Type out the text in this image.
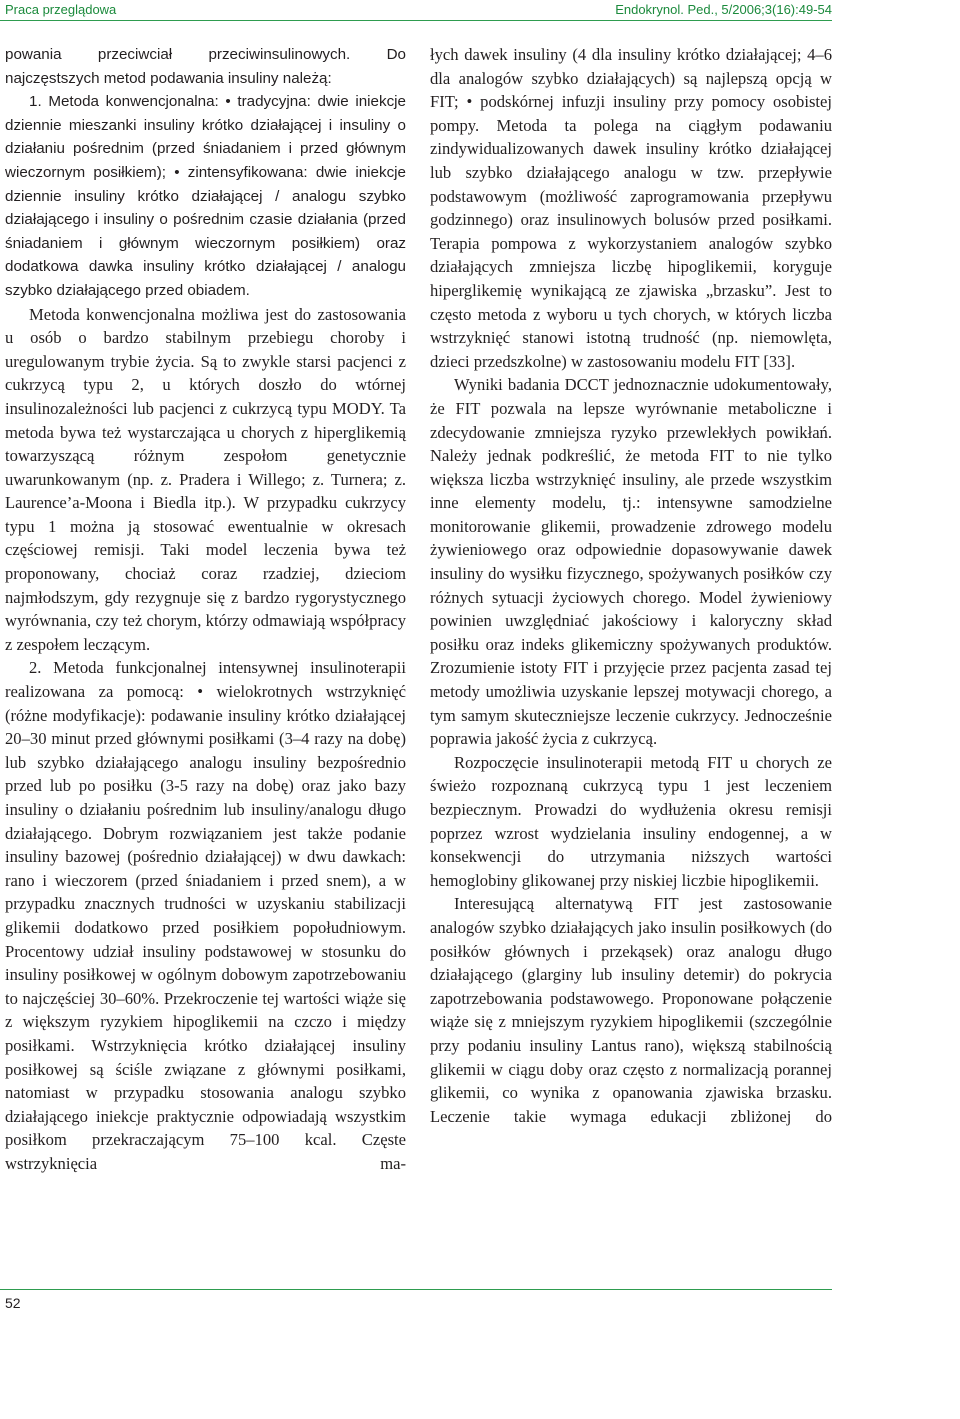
Praca przeglądowa	Endokrynol. Ped., 5/2006;3(16):49-54

powania przeciwciał przeciwinsulinowych. Do najczęstszych metod podawania insuliny należą:

1. Metoda konwencjonalna: • tradycyjna: dwie iniekcje dziennie mieszanki insuliny krótko działającej i insuliny o działaniu pośrednim (przed śniadaniem i przed głównym wieczornym posiłkiem); • zintensyfikowana: dwie iniekcje dziennie insuliny krótko działającej / analogu szybko działającego i insuliny o pośrednim czasie działania (przed śniadaniem i głównym wieczornym posiłkiem) oraz dodatkowa dawka insuliny krótko działającej / analogu szybko działającego przed obiadem.

Metoda konwencjonalna możliwa jest do zastosowania u osób o bardzo stabilnym przebiegu choroby i uregulowanym trybie życia. Są to zwykle starsi pacjenci z cukrzycą typu 2, u których doszło do wtórnej insulinozależności lub pacjenci z cukrzycą typu MODY. Ta metoda bywa też wystarczająca u chorych z hiperglikemią towarzyszącą różnym zespołom genetycznie uwarunkowanym (np. z. Pradera i Willego; z. Turnera; z. Laurence’a-Moona i Biedla itp.). W przypadku cukrzycy typu 1 można ją stosować ewentualnie w okresach częściowej remisji. Taki model leczenia bywa też proponowany, chociaż coraz rzadziej, dzieciom najmłodszym, gdy rezygnuje się z bardzo rygorystycznego wyrównania, czy też chorym, którzy odmawiają współpracy z zespołem leczącym.

2. Metoda funkcjonalnej intensywnej insulinoterapii realizowana za pomocą: • wielokrotnych wstrzyknięć (różne modyfikacje): podawanie insuliny krótko działającej 20–30 minut przed głównymi posiłkami (3–4 razy na dobę) lub szybko działającego analogu insuliny bezpośrednio przed lub po posiłku (3-5 razy na dobę) oraz jako bazy insuliny o działaniu pośrednim lub insuliny/analogu długo działającego. Dobrym rozwiązaniem jest także podanie insuliny bazowej (pośrednio działającej) w dwu dawkach: rano i wieczorem (przed śniadaniem i przed snem), a w przypadku znacznych trudności w uzyskaniu stabilizacji glikemii dodatkowo przed posiłkiem popołudniowym. Procentowy udział insuliny podstawowej w stosunku do insuliny posiłkowej w ogólnym dobowym zapotrzebowaniu to najczęściej 30–60%. Przekroczenie tej wartości wiąże się z większym ryzykiem hipoglikemii na czczo i między posiłkami. Wstrzyknięcia krótko działającej insuliny posiłkowej są ściśle związane z głównymi posiłkami, natomiast w przypadku stosowania analogu szybko działającego iniekcje praktycznie odpowiadają wszystkim posiłkom przekraczającym 75–100 kcal. Częste wstrzyknięcia ma-

łych dawek insuliny (4 dla insuliny krótko działającej; 4–6 dla analogów szybko działających) są najlepszą opcją w FIT; • podskórnej infuzji insuliny przy pomocy osobistej pompy. Metoda ta polega na ciągłym podawaniu zindywidualizowanych dawek insuliny krótko działającej lub szybko działającego analogu w tzw. przepływie podstawowym (możliwość zaprogramowania przepływu godzinnego) oraz insulinowych bolusów przed posiłkami. Terapia pompowa z wykorzystaniem analogów szybko działających zmniejsza liczbę hipoglikemii, koryguje hiperglikemię wynikającą ze zjawiska „brzasku”. Jest to często metoda z wyboru u tych chorych, w których liczba wstrzyknięć stanowi istotną trudność (np. niemowlęta, dzieci przedszkolne) w zastosowaniu modelu FIT [33].

Wyniki badania DCCT jednoznacznie udokumentowały, że FIT pozwala na lepsze wyrównanie metaboliczne i zdecydowanie zmniejsza ryzyko przewlekłych powikłań. Należy jednak podkreślić, że metoda FIT to nie tylko większa liczba wstrzyknięć insuliny, ale przede wszystkim inne elementy modelu, tj.: intensywne samodzielne monitorowanie glikemii, prowadzenie zdrowego modelu żywieniowego oraz odpowiednie dopasowywanie dawek insuliny do wysiłku fizycznego, spożywanych posiłków czy różnych sytuacji życiowych chorego. Model żywieniowy powinien uwzględniać jakościowy i kaloryczny skład posiłku oraz indeks glikemiczny spożywanych produktów. Zrozumienie istoty FIT i przyjęcie przez pacjenta zasad tej metody umożliwia uzyskanie lepszej motywacji chorego, a tym samym skuteczniejsze leczenie cukrzycy. Jednocześnie poprawia jakość życia z cukrzycą.

Rozpoczęcie insulinoterapii metodą FIT u chorych ze świeżo rozpoznaną cukrzycą typu 1 jest leczeniem bezpiecznym. Prowadzi do wydłużenia okresu remisji poprzez wzrost wydzielania insuliny endogennej, a w konsekwencji do utrzymania niższych wartości hemoglobiny glikowanej przy niskiej liczbie hipoglikemii.

Interesującą alternatywą FIT jest zastosowanie analogów szybko działających jako insulin posiłkowych (do posiłków głównych i przekąsek) oraz analogu długo działającego (glarginy lub insuliny detemir) do pokrycia zapotrzebowania podstawowego. Proponowane połączenie wiąże się z mniejszym ryzykiem hipoglikemii (szczególnie przy podaniu insuliny Lantus rano), większą stabilnością glikemii w ciągu doby oraz często z normalizacją porannej glikemii, co wynika z opanowania zjawiska brzasku. Leczenie takie wymaga edukacji zbliżonej do

52
